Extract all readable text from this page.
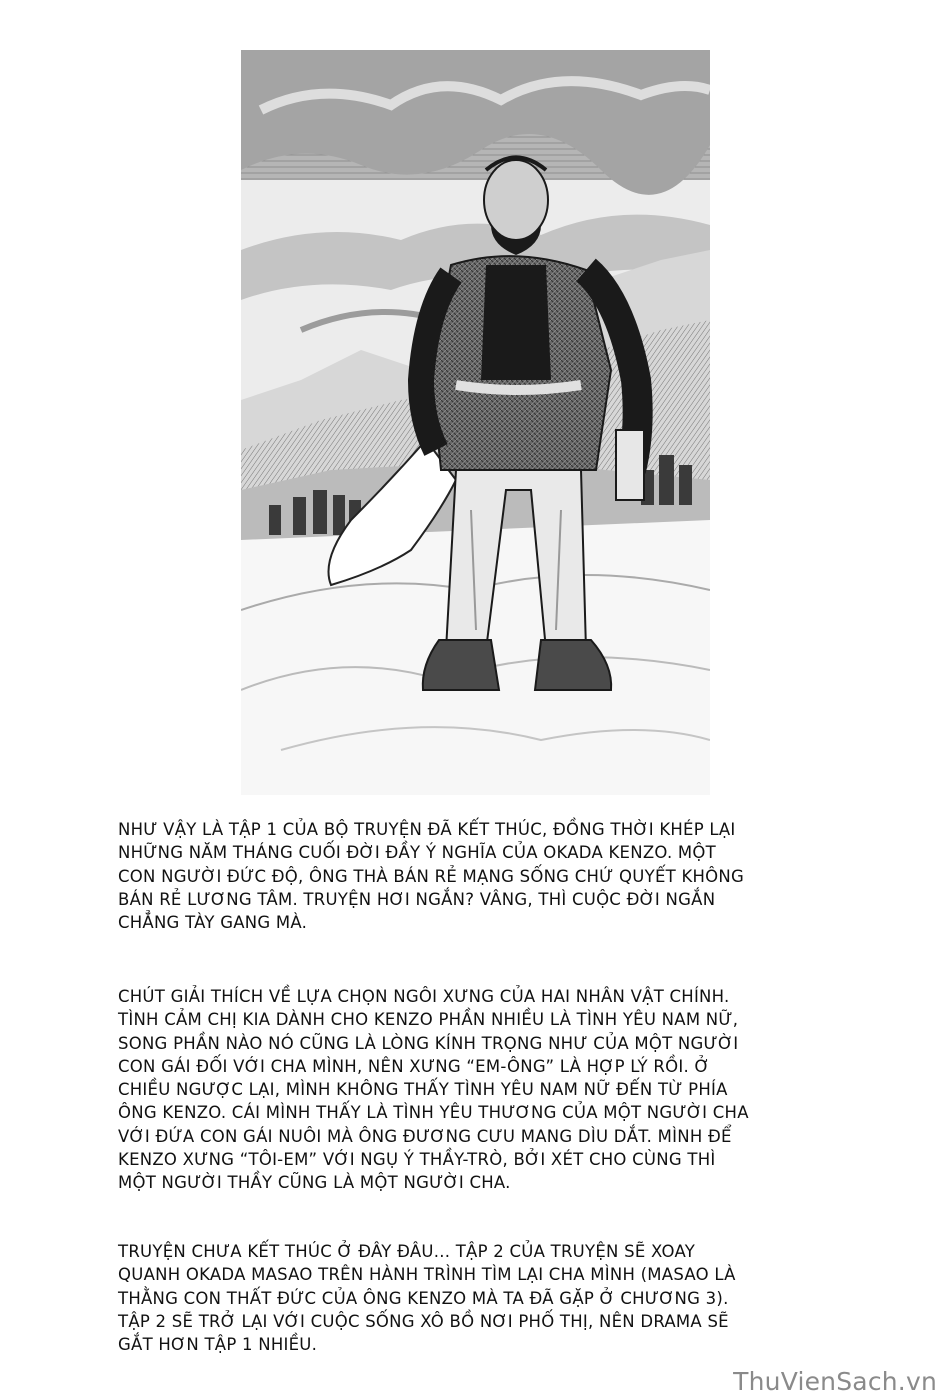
NHƯ VẬY LÀ TẬP 1 CỦA BỘ TRUYỆN ĐÃ KẾT THÚC, ĐỒNG THỜI KHÉP LẠI
NHỮNG NĂM THÁNG CUỐI ĐỜI ĐẦY Ý NGHĨA CỦA OKADA KENZO. MỘT
CON NGƯỜI ĐỨC ĐỘ, ÔNG THÀ BÁN RẺ MẠNG SỐNG CHỨ QUYẾT KHÔNG
BÁN RẺ LƯƠNG TÂM. TRUYỆN HƠI NGẮN? VÂNG, THÌ CUỘC ĐỜI NGẮN
CHẲNG TÀY GANG MÀ.
CHÚT GIẢI THÍCH VỀ LỰA CHỌN NGÔI XƯNG CỦA HAI NHÂN VẬT CHÍNH.
TÌNH CẢM CHỊ KIA DÀNH CHO KENZO PHẦN NHIỀU LÀ TÌNH YÊU NAM NỮ,
SONG PHẦN NÀO NÓ CŨNG LÀ LÒNG KÍNH TRỌNG NHƯ CỦA MỘT NGƯỜI
CON GÁI ĐỐI VỚI CHA MÌNH, NÊN XƯNG “EM-ÔNG” LÀ HỢP LÝ RỒI. Ở
CHIỀU NGƯỢC LẠI, MÌNH KHÔNG THẤY TÌNH YÊU NAM NỮ ĐẾN TỪ PHÍA
ÔNG KENZO. CÁI MÌNH THẤY LÀ TÌNH YÊU THƯƠNG CỦA MỘT NGƯỜI CHA
VỚI ĐỨA CON GÁI NUÔI MÀ ÔNG ĐƯƠNG CƯU MANG DÌU DẮT. MÌNH ĐỂ
KENZO XƯNG “TÔI-EM” VỚI NGỤ Ý THẦY-TRÒ, BỞI XÉT CHO CÙNG THÌ
MỘT NGƯỜI THẦY CŨNG LÀ MỘT NGƯỜI CHA.
TRUYỆN CHƯA KẾT THÚC Ở ĐÂY ĐÂU... TẬP 2 CỦA TRUYỆN SẼ XOAY
QUANH OKADA MASAO TRÊN HÀNH TRÌNH TÌM LẠI CHA MÌNH (MASAO LÀ
THẰNG CON THẤT ĐỨC CỦA ÔNG KENZO MÀ TA ĐÃ GẶP Ở CHƯƠNG 3).
TẬP 2 SẼ TRỞ LẠI VỚI CUỘC SỐNG XÔ BỒ NƠI PHỐ THỊ, NÊN DRAMA SẼ
GẮT HƠN TẬP 1 NHIỀU.
ThuVienSach.vn
